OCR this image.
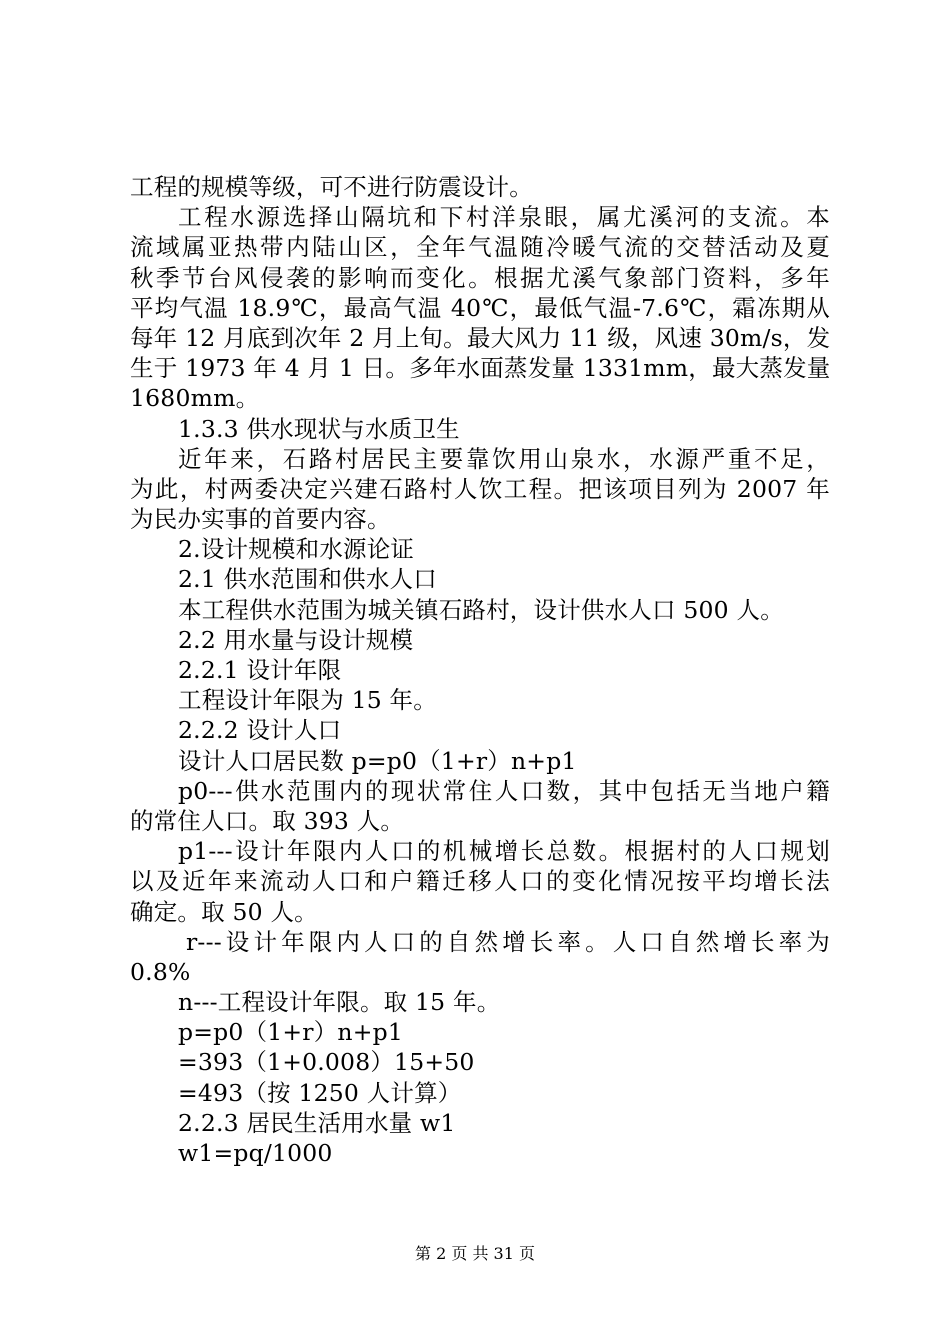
工程的规模等级，可不进行防震设计。
工程水源选择山隔坑和下村洋泉眼，属尤溪河的支流。本
流域属亚热带内陆山区，全年气温随冷暖气流的交替活动及夏
秋季节台风侵袭的影响而变化。根据尤溪气象部门资料，多年
平均气温 18.9℃，最高气温 40℃，最低气温-7.6℃，霜冻期从
每年 12 月底到次年 2 月上旬。最大风力 11 级，风速 30m/s，发
生于 1973 年 4 月 1 日。多年水面蒸发量 1331mm，最大蒸发量
1680mm。
1.3.3 供水现状与水质卫生
近年来，石路村居民主要靠饮用山泉水，水源严重不足，
为此，村两委决定兴建石路村人饮工程。把该项目列为 2007 年
为民办实事的首要内容。
2.设计规模和水源论证
2.1 供水范围和供水人口
本工程供水范围为城关镇石路村，设计供水人口 500 人。
2.2 用水量与设计规模
2.2.1 设计年限
工程设计年限为 15 年。
2.2.2 设计人口
设计人口居民数 p=p0（1+r）n+p1
p0---供水范围内的现状常住人口数，其中包括无当地户籍
的常住人口。取 393 人。
p1---设计年限内人口的机械增长总数。根据村的人口规划
以及近年来流动人口和户籍迁移人口的变化情况按平均增长法
确定。取 50 人。
r---设计年限内人口的自然增长率。人口自然增长率为
0.8%
n---工程设计年限。取 15 年。
p=p0（1+r）n+p1
=393（1+0.008）15+50
=493（按 1250 人计算）
2.2.3 居民生活用水量 w1
w1=pq/1000
第 2 页 共 31 页
